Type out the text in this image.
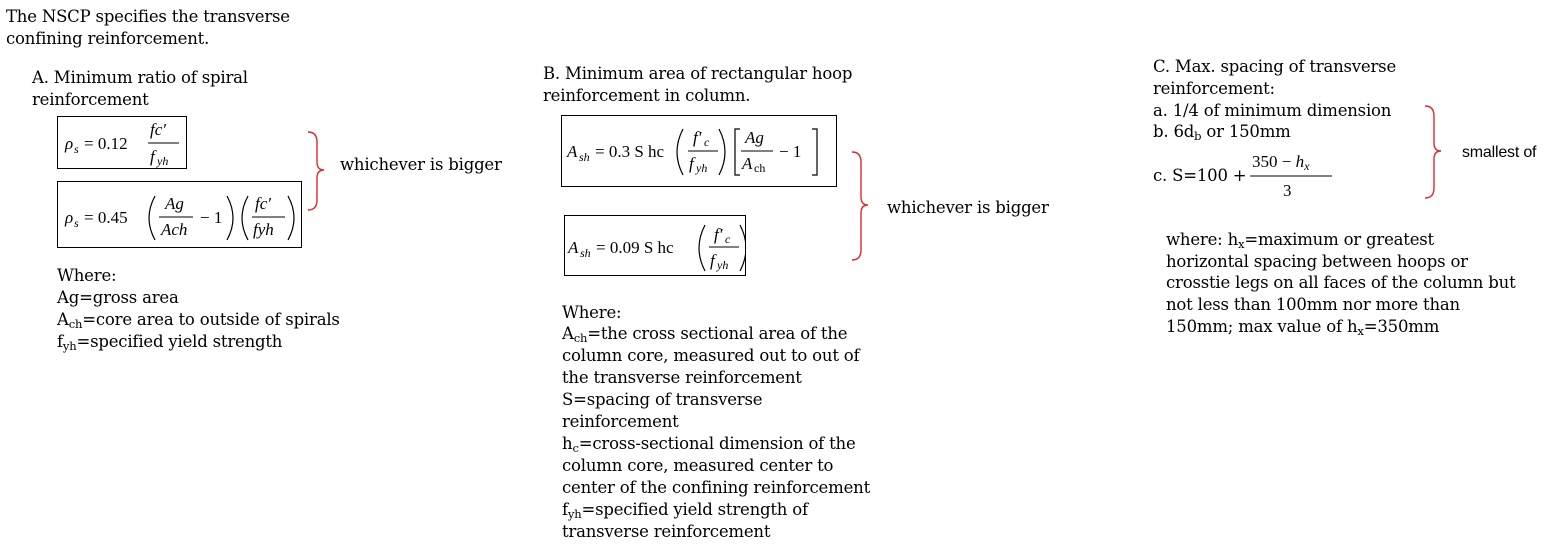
The NSCP specifies the transverse
confining reinforcement.
A. Minimum ratio of spiral
reinforcement
ρ s = 0.12
fc′
f yh
ρ s = 0.45
Ag
Ach
− 1
fc′
fyh
whichever is bigger
Where:
Ag=gross area
$A_{ch}=core$ area to outside of spirals
$f_{yh}=specified$ yield strength
B. Minimum area of rectangular hoop
reinforcement in column.
A sh = 0.3 S hc
f′ c
f yh
Ag
A ch
− 1
A sh = 0.09 S hc
f′ c
f yh
whichever is bigger
Where:
$A_{ch}=the$ cross sectional area of the
column core, measured out to out of
the transverse reinforcement
S=spacing of transverse
reinforcement
$h_c=cross$-sectional dimension of the
column core, measured center to
center of the confining reinforcement
$f_{yh}=specified$ yield strength of
transverse reinforcement
C. Max. spacing of transverse
reinforcement:
a. 1/4 of minimum dimension
b. $6d_b$ or 150mm
c. S=100 +
350 − hx
3
smallest of
where: $h_x=maximum$ or greatest
horizontal spacing between hoops or
crosstie legs on all faces of the column but
not less than 100mm nor more than
150mm; max value of $h_x=350mm$
